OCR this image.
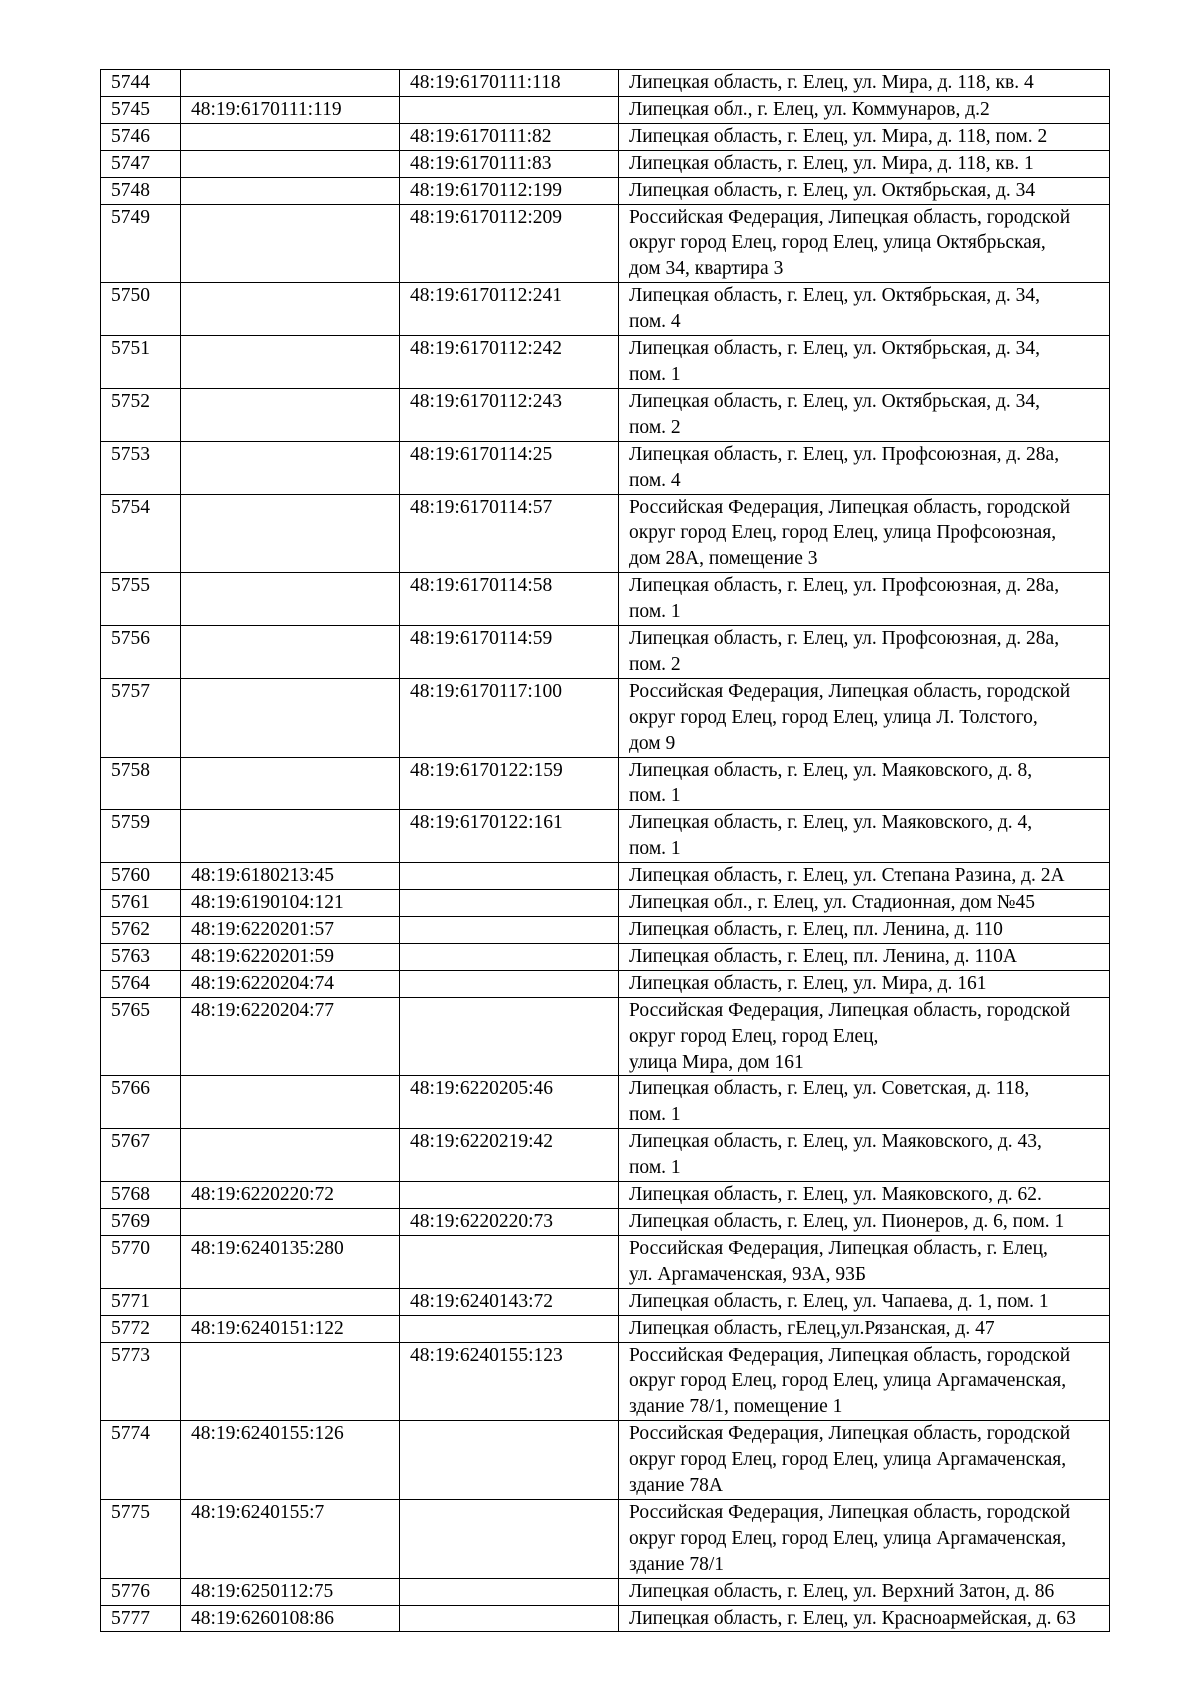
5744		48:19:6170111:118	Липецкая область, г. Елец, ул. Мира, д. 118, кв. 4
5745	48:19:6170111:119		Липецкая обл., г. Елец, ул. Коммунаров, д.2
5746		48:19:6170111:82	Липецкая область, г. Елец, ул. Мира, д. 118, пом. 2
5747		48:19:6170111:83	Липецкая область, г. Елец, ул. Мира, д. 118, кв. 1
5748		48:19:6170112:199	Липецкая область, г. Елец, ул. Октябрьская, д. 34
5749		48:19:6170112:209	Российская Федерация, Липецкая область, городской
округ город Елец, город Елец, улица Октябрьская,
дом 34, квартира 3
5750		48:19:6170112:241	Липецкая область, г. Елец, ул. Октябрьская, д. 34,
пом. 4
5751		48:19:6170112:242	Липецкая область, г. Елец, ул. Октябрьская, д. 34,
пом. 1
5752		48:19:6170112:243	Липецкая область, г. Елец, ул. Октябрьская, д. 34,
пом. 2
5753		48:19:6170114:25	Липецкая область, г. Елец, ул. Профсоюзная, д. 28а,
пом. 4
5754		48:19:6170114:57	Российская Федерация, Липецкая область, городской
округ город Елец, город Елец, улица Профсоюзная,
дом 28А, помещение 3
5755		48:19:6170114:58	Липецкая область, г. Елец, ул. Профсоюзная, д. 28а,
пом. 1
5756		48:19:6170114:59	Липецкая область, г. Елец, ул. Профсоюзная, д. 28а,
пом. 2
5757		48:19:6170117:100	Российская Федерация, Липецкая область, городской
округ город Елец, город Елец, улица Л. Толстого,
дом 9
5758		48:19:6170122:159	Липецкая область, г. Елец, ул. Маяковского, д. 8,
пом. 1
5759		48:19:6170122:161	Липецкая область, г. Елец, ул. Маяковского, д. 4,
пом. 1
5760	48:19:6180213:45		Липецкая область, г. Елец, ул. Степана Разина, д. 2А
5761	48:19:6190104:121		Липецкая обл., г. Елец, ул. Стадионная, дом №45
5762	48:19:6220201:57		Липецкая область, г. Елец, пл. Ленина, д. 110
5763	48:19:6220201:59		Липецкая область, г. Елец, пл. Ленина, д. 110А
5764	48:19:6220204:74		Липецкая область, г. Елец, ул. Мира, д. 161
5765	48:19:6220204:77		Российская Федерация, Липецкая область, городской
округ город Елец, город Елец,
улица Мира, дом 161
5766		48:19:6220205:46	Липецкая область, г. Елец, ул. Советская, д. 118,
пом. 1
5767		48:19:6220219:42	Липецкая область, г. Елец, ул. Маяковского, д. 43,
пом. 1
5768	48:19:6220220:72		Липецкая область, г. Елец, ул. Маяковского, д. 62.
5769		48:19:6220220:73	Липецкая область, г. Елец, ул. Пионеров, д. 6, пом. 1
5770	48:19:6240135:280		Российская Федерация, Липецкая область, г. Елец,
ул. Аргамаченская, 93А, 93Б
5771		48:19:6240143:72	Липецкая область, г. Елец, ул. Чапаева, д. 1, пом. 1
5772	48:19:6240151:122		Липецкая область, гЕлец,ул.Рязанская, д. 47
5773		48:19:6240155:123	Российская Федерация, Липецкая область, городской
округ город Елец, город Елец, улица Аргамаченская,
здание 78/1, помещение 1
5774	48:19:6240155:126		Российская Федерация, Липецкая область, городской
округ город Елец, город Елец, улица Аргамаченская,
здание 78А
5775	48:19:6240155:7		Российская Федерация, Липецкая область, городской
округ город Елец, город Елец, улица Аргамаченская,
здание 78/1
5776	48:19:6250112:75		Липецкая область, г. Елец, ул. Верхний Затон, д. 86
5777	48:19:6260108:86		Липецкая область, г. Елец, ул. Красноармейская, д. 63
